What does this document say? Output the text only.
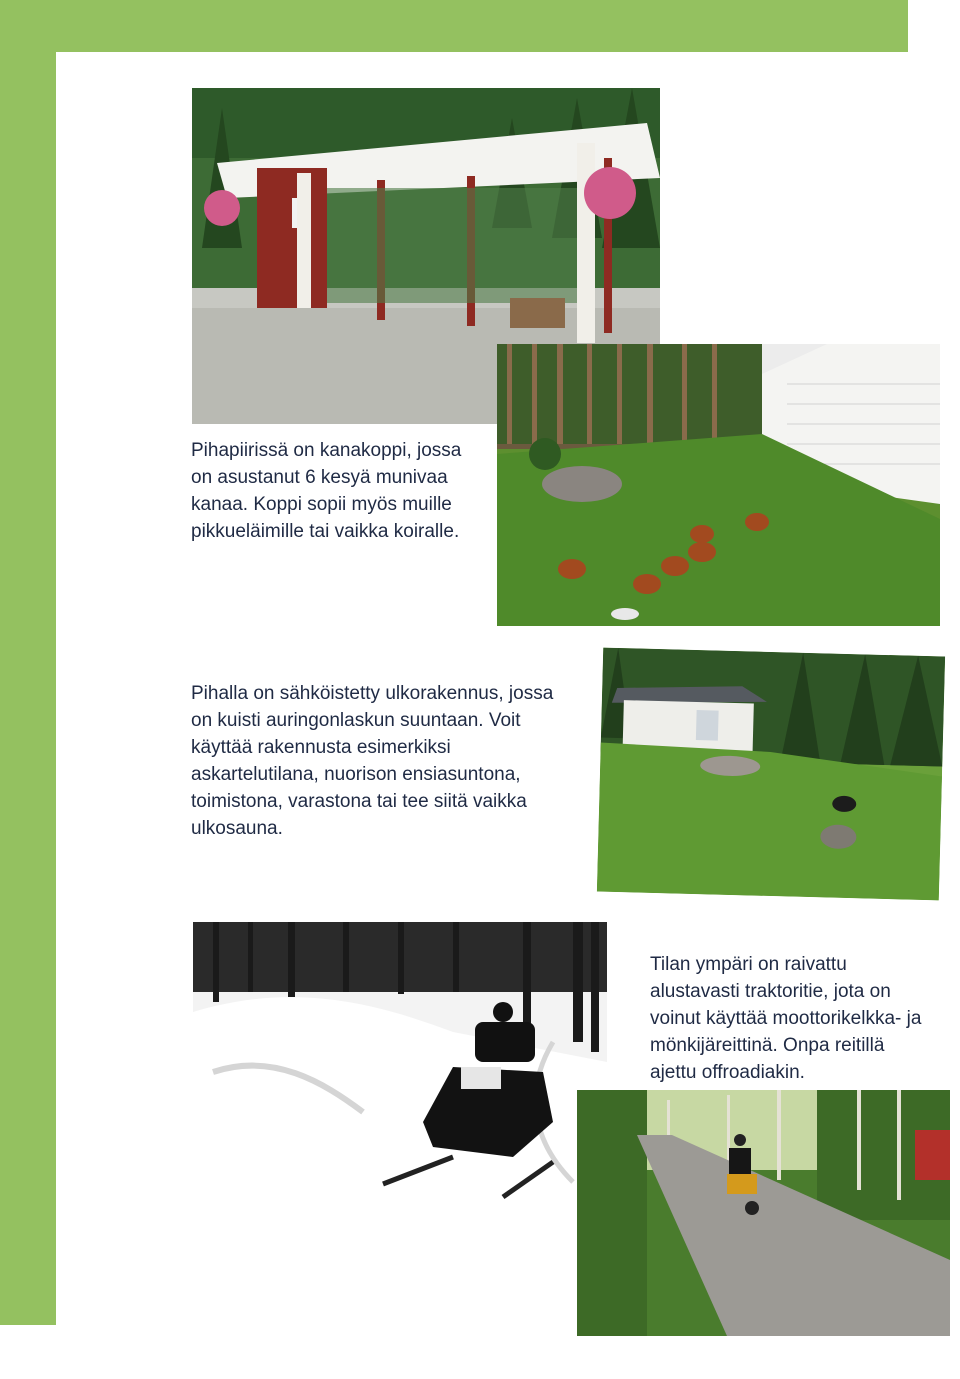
Pihapiirissä on kanakoppi, jossa
on asustanut 6 kesyä munivaa
kanaa. Koppi sopii myös muille
pikkueläimille tai vaikka koiralle.
Pihalla on sähköistetty ulkorakennus, jossa
on kuisti auringonlaskun suuntaan. Voit
käyttää rakennusta esimerkiksi
askartelutilana, nuorison ensiasuntona,
toimistona, varastona tai tee siitä vaikka
ulkosauna.
Tilan ympäri on raivattu
alustavasti traktoritie, jota on
voinut käyttää moottorikelkka- ja
mönkijäreittinä. Onpa reitillä
ajettu offroadiakin.
